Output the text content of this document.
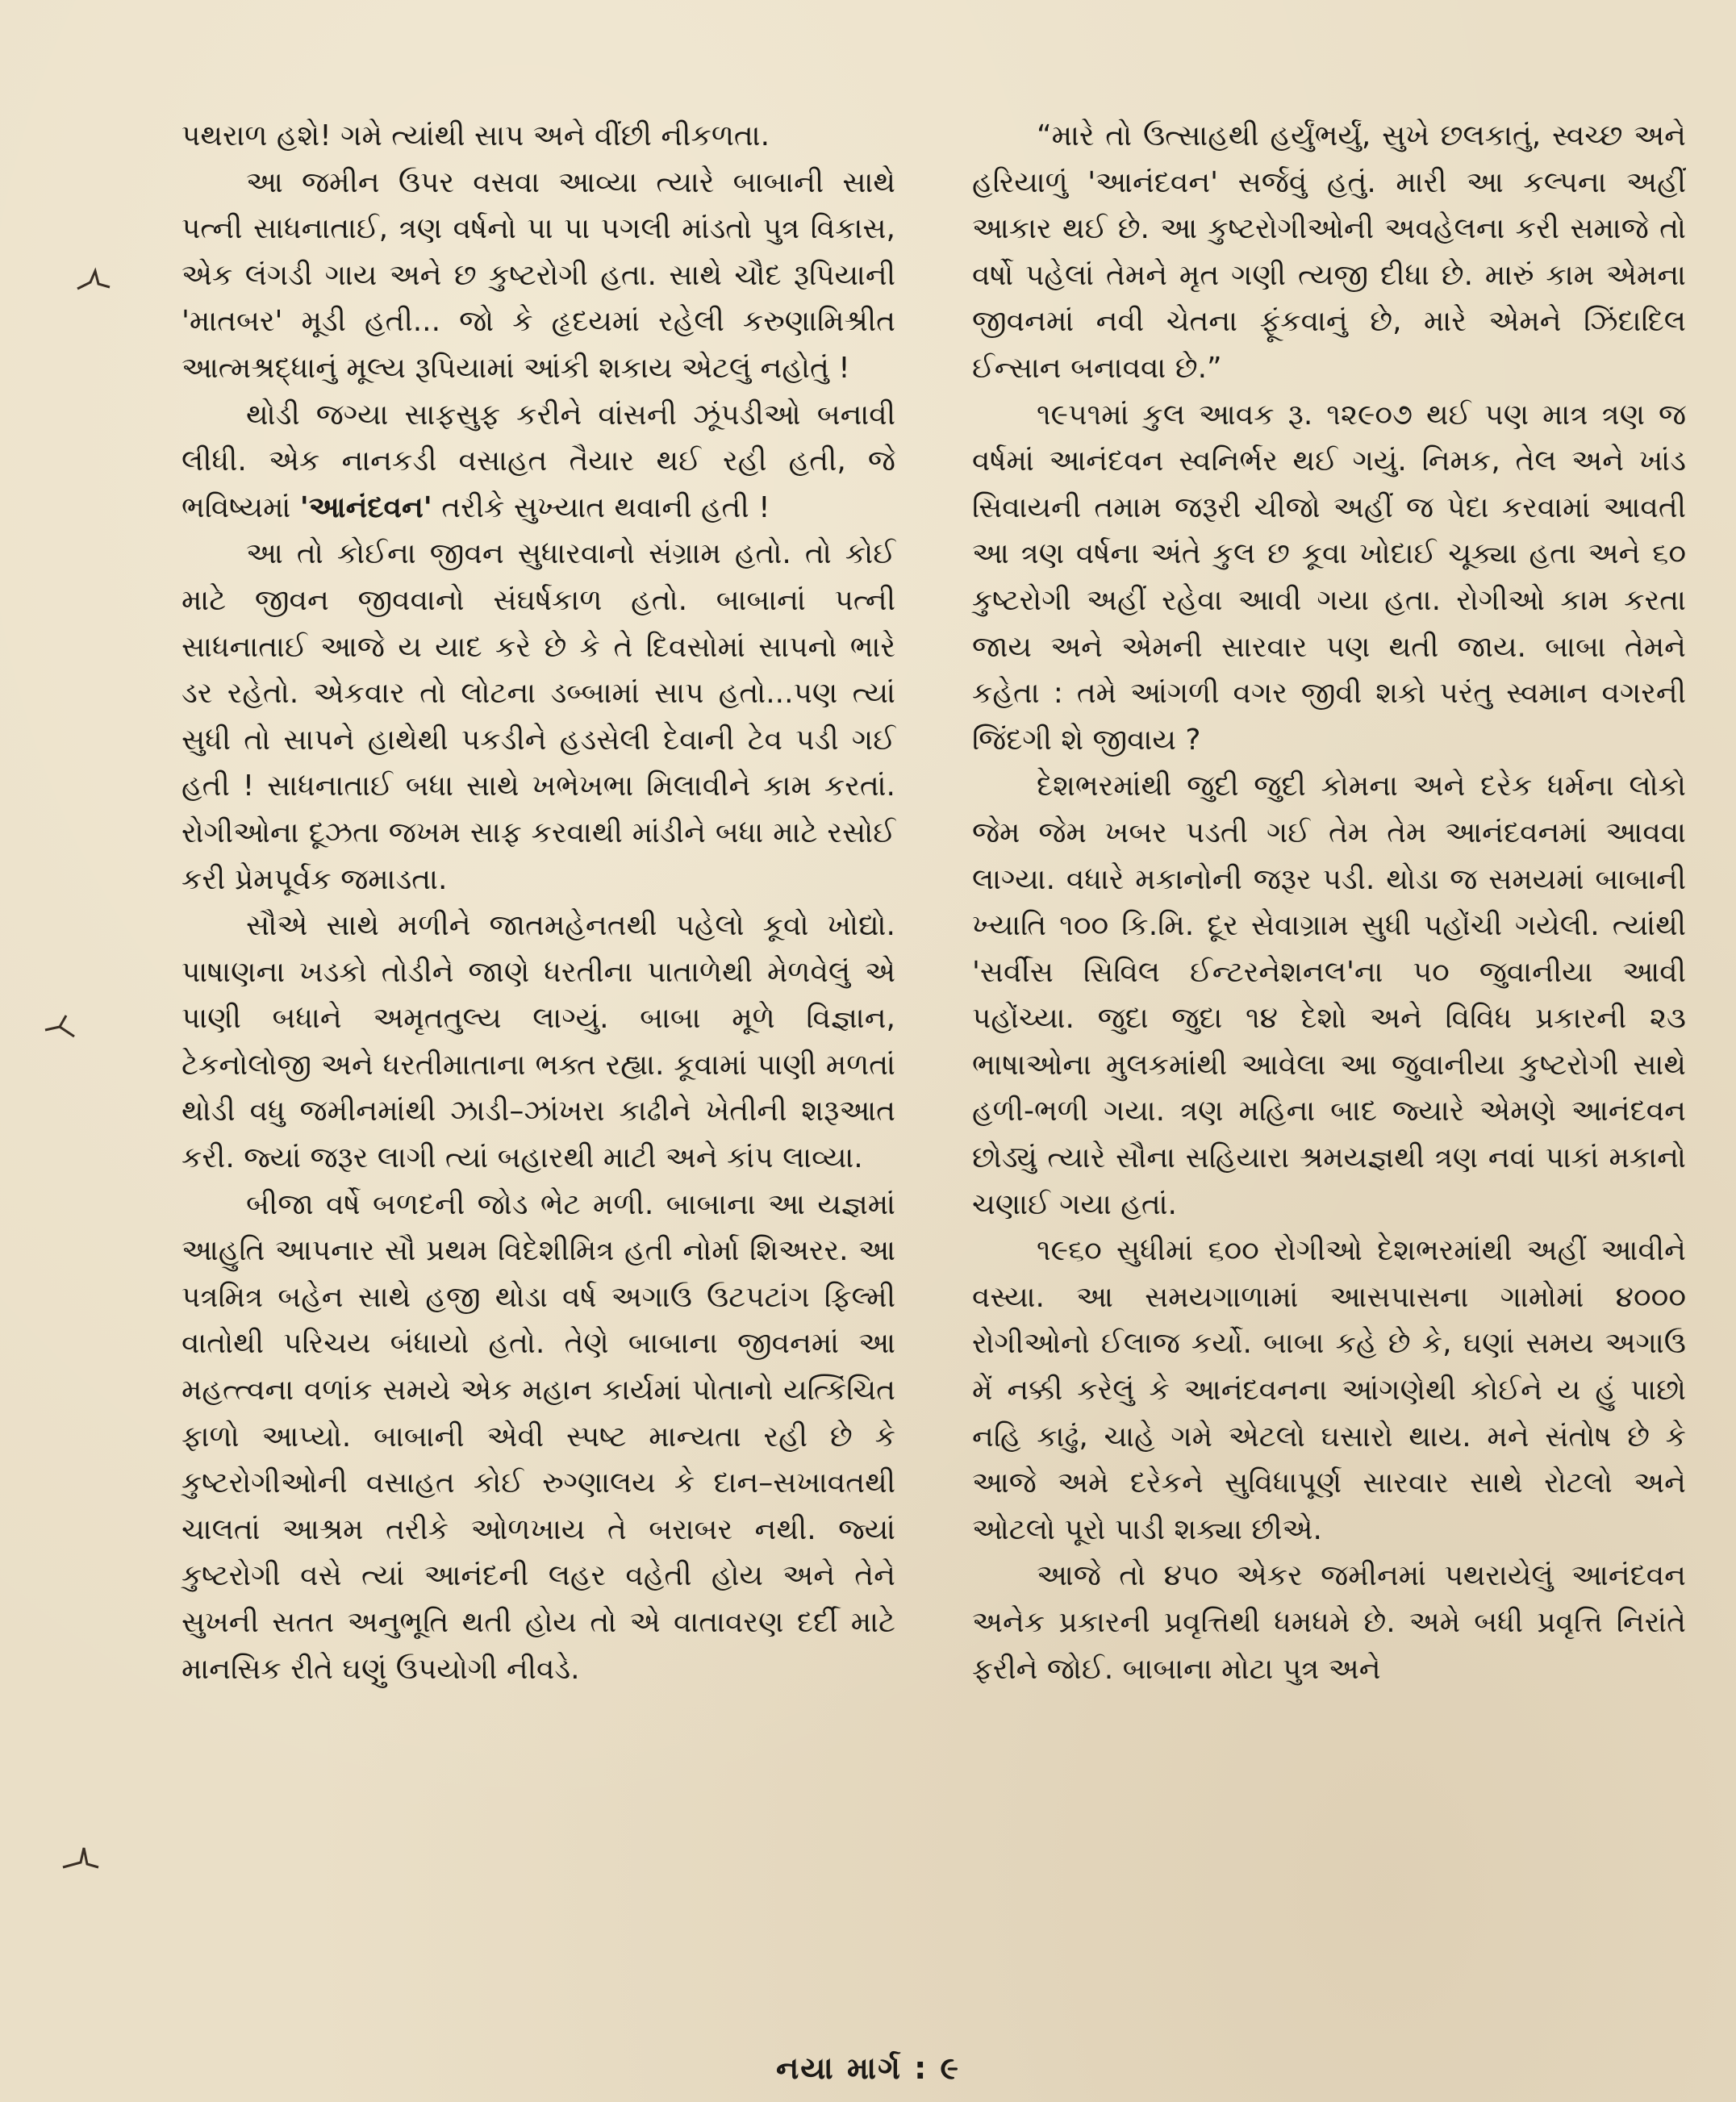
પથરાળ હશે! ગમે ત્યાંથી સાપ અને વીંછી નીકળતા.

આ જમીન ઉપર વસવા આવ્યા ત્યારે બાબાની સાથે પત્ની સાધનાતાઈ, ત્રણ વર્ષનો પા પા પગલી માંડતો પુત્ર વિકાસ, એક લંગડી ગાય અને છ કુષ્ટરોગી હતા. સાથે ચૌદ રૂપિયાની 'માતબર' મૂડી હતી... જો કે હૃદયમાં રહેલી કરુણામિશ્રીત આત્મશ્રદ્ધાનું મૂલ્ય રૂપિયામાં આંકી શકાય એટલું નહોતું !

થોડી જગ્યા સાફસુફ કરીને વાંસની ઝૂંપડીઓ બનાવી લીધી. એક નાનકડી વસાહત તૈયાર થઈ રહી હતી, જે ભવિષ્યમાં 'આનંદવન' તરીકે સુખ્યાત થવાની હતી !

આ તો કોઈના જીવન સુધારવાનો સંગ્રામ હતો. તો કોઈ માટે જીવન જીવવાનો સંઘર્ષકાળ હતો. બાબાનાં પત્ની સાધનાતાઈ આજે ય યાદ કરે છે કે તે દિવસોમાં સાપનો ભારે ડર રહેતો. એકવાર તો લોટના ડબ્બામાં સાપ હતો...પણ ત્યાં સુધી તો સાપને હાથેથી પકડીને હડસેલી દેવાની ટેવ પડી ગઈ હતી ! સાધનાતાઈ બધા સાથે ખભેખભા મિલાવીને કામ કરતાં. રોગીઓના દૂઝતા જખમ સાફ કરવાથી માંડીને બધા માટે રસોઈ કરી પ્રેમપૂર્વક જમાડતા.

સૌએ સાથે મળીને જાતમહેનતથી પહેલો કૂવો ખોદ્યો. પાષાણના ખડકો તોડીને જાણે ધરતીના પાતાળેથી મેળવેલું એ પાણી બધાને અમૃતતુલ્ય લાગ્યું. બાબા મૂળે વિજ્ઞાન, ટેકનોલોજી અને ધરતીમાતાના ભક્ત રહ્યા. કૂવામાં પાણી મળતાં થોડી વધુ જમીનમાંથી ઝાડી–ઝાંખરા કાઢીને ખેતીની શરૂઆત કરી. જ્યાં જરૂર લાગી ત્યાં બહારથી માટી અને કાંપ લાવ્યા.

બીજા વર્ષે બળદની જોડ ભેટ મળી. બાબાના આ યજ્ઞમાં આહુતિ આપનાર સૌ પ્રથમ વિદેશીમિત્ર હતી નોર્મા શિઅરર. આ પત્રમિત્ર બહેન સાથે હજી થોડા વર્ષ અગાઉ ઉટપટાંગ ફિલ્મી વાતોથી પરિચય બંધાયો હતો. તેણે બાબાના જીવનમાં આ મહત્ત્વના વળાંક સમયે એક મહાન કાર્યમાં પોતાનો યત્કિંચિત ફાળો આપ્યો. બાબાની એવી સ્પષ્ટ માન્યતા રહી છે કે કુષ્ટરોગીઓની વસાહત કોઈ રુગ્ણાલય કે દાન–સખાવતથી ચાલતાં આશ્રમ તરીકે ઓળખાય તે બરાબર નથી. જ્યાં કુષ્ટરોગી વસે ત્યાં આનંદની લહર વહેતી હોય અને તેને સુખની સતત અનુભૂતિ થતી હોય તો એ વાતાવરણ દર્દી માટે માનસિક રીતે ઘણું ઉપયોગી નીવડે.

“મારે તો ઉત્સાહથી હર્યુંભર્યું, સુખે છલકાતું, સ્વચ્છ અને હરિયાળું 'આનંદવન' સર્જવું હતું. મારી આ કલ્પના અહીં આકાર થઈ છે. આ કુષ્ટરોગીઓની અવહેલના કરી સમાજે તો વર્ષો પહેલાં તેમને મૃત ગણી ત્યજી દીધા છે. મારું કામ એમના જીવનમાં નવી ચેતના ફૂંકવાનું છે, મારે એમને ઝિંદાદિલ ઈન્સાન બનાવવા છે.”

૧૯૫૧માં કુલ આવક રૂ. ૧૨૯૦૭ થઈ પણ માત્ર ત્રણ જ વર્ષમાં આનંદવન સ્વનિર્ભર થઈ ગયું. નિમક, તેલ અને ખાંડ સિવાયની તમામ જરૂરી ચીજો અહીં જ પેદા કરવામાં આવતી આ ત્રણ વર્ષના અંતે કુલ છ કૂવા ખોદાઈ ચૂક્યા હતા અને ૬૦ કુષ્ટરોગી અહીં રહેવા આવી ગયા હતા. રોગીઓ કામ કરતા જાય અને એમની સારવાર પણ થતી જાય. બાબા તેમને કહેતા : તમે આંગળી વગર જીવી શકો પરંતુ સ્વમાન વગરની જિંદગી શે જીવાય ?

દેશભરમાંથી જુદી જુદી કોમના અને દરેક ધર્મના લોકો જેમ જેમ ખબર પડતી ગઈ તેમ તેમ આનંદવનમાં આવવા લાગ્યા. વધારે મકાનોની જરૂર પડી. થોડા જ સમયમાં બાબાની ખ્યાતિ ૧૦૦ કિ.મિ. દૂર સેવાગ્રામ સુધી પહોંચી ગયેલી. ત્યાંથી 'સર્વીસ સિવિલ ઈન્ટરનેશનલ'ના ૫૦ જુવાનીયા આવી પહોંચ્યા. જુદા જુદા ૧૪ દેશો અને વિવિધ પ્રકારની ૨૩ ભાષાઓના મુલકમાંથી આવેલા આ જુવાનીયા કુષ્ટરોગી સાથે હળી-ભળી ગયા. ત્રણ મહિના બાદ જ્યારે એમણે આનંદવન છોડ્યું ત્યારે સૌના સહિયારા શ્રમયજ્ઞથી ત્રણ નવાં પાકાં મકાનો ચણાઈ ગયા હતાં.

૧૯૬૦ સુધીમાં ૬૦૦ રોગીઓ દેશભરમાંથી અહીં આવીને વસ્યા. આ સમયગાળામાં આસપાસના ગામોમાં ૪૦૦૦ રોગીઓનો ઈલાજ કર્યો. બાબા કહે છે કે, ઘણાં સમય અગાઉ મેં નક્કી કરેલું કે આનંદવનના આંગણેથી કોઈને ય હું પાછો નહિ કાઢું, ચાહે ગમે એટલો ઘસારો થાય. મને સંતોષ છે કે આજે અમે દરેકને સુવિધાપૂર્ણ સારવાર સાથે રોટલો અને ઓટલો પૂરો પાડી શક્યા છીએ.

આજે તો ૪૫૦ એકર જમીનમાં પથરાયેલું આનંદવન અનેક પ્રકારની પ્રવૃત્તિથી ધમધમે છે. અમે બધી પ્રવૃત્તિ નિરાંતે ફરીને જોઈ. બાબાના મોટા પુત્ર અને

નયા માર્ગ : ૯
